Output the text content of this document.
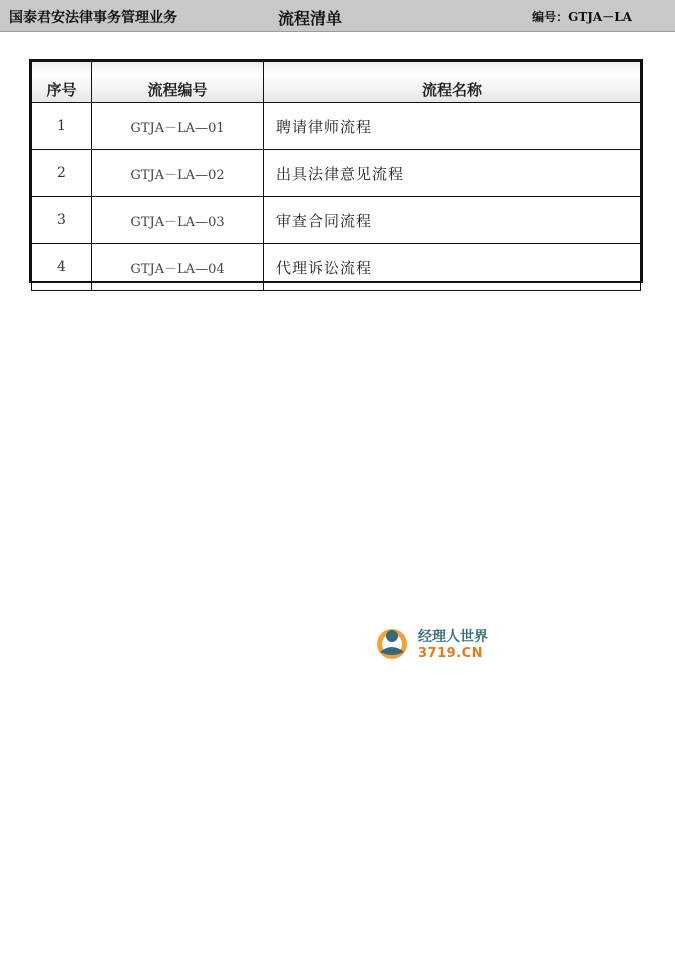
国泰君安法律事务管理业务	流程清单	编号：GTJA－LA
序号	流程编号	流程名称
1	GTJA－LA—01	聘请律师流程
2	GTJA－LA—02	出具法律意见流程
3	GTJA－LA—03	审查合同流程
4	GTJA－LA—04	代理诉讼流程
经理人世界
3719.CN
